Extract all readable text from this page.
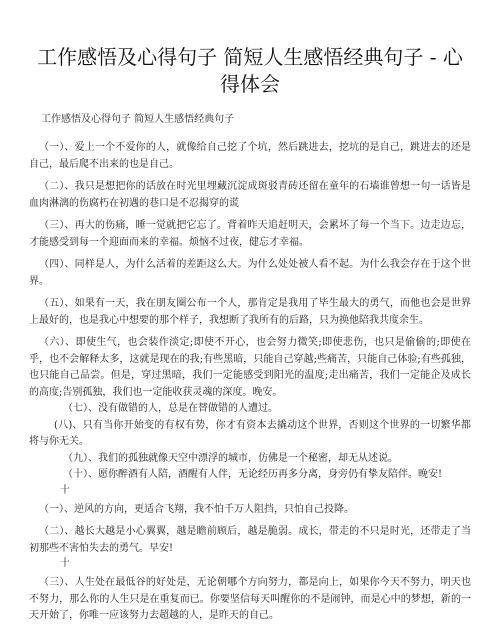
工作感悟及心得句子 简短人生感悟经典句子 - 心得体会
工作感悟及心得句子 简短人生感悟经典句子

（一）、爱上一个不爱你的人，就像给自己挖了个坑，然后跳进去，挖坑的是自己，跳进去的还是自己，最后爬不出来的也是自己。

（二）、我只是想把你的话放在时光里埋藏沉淀成斑驳青砖还留在童年的石墙谁曾想一句一话皆是血肉淋漓的伤腐朽在初遇的巷口是不忍揭穿的谎

（三）、再大的伤痛，睡一觉就把它忘了。背着昨天追赶明天，会累坏了每一个当下。边走边忘，才能感受到每一个迎面而来的幸福。烦恼不过夜，健忘才幸福。

（四）、同样是人，为什么活着的差距这么大。为什么处处被人看不起。为什么我会存在于这个世界。

（五）、如果有一天，我在朋友圈公布一个人，那肯定是我用了毕生最大的勇气，而他也会是世界上最好的，也是我心中想要的那个样子，我想断了我所有的后路，只为换他陪我共度余生。

（六）、即使生气，也会装作淡定;即使不开心，也会努力微笑;即使悲伤，也只是偷偷的;即使在乎，也不会解释太多，这就是现在的我;有些黑暗，只能自己穿越;些痛苦，只能自己体验;有些孤独，也只能自己品尝。但是，穿过黑暗，我们一定能感受到阳光的温度;走出痛苦，我们一定能企及成长的高度;告别孤独，我们也一定能收获灵魂的深度。晚安。

（七）、没有做错的人，总是在替做错的人遭过。

(八)、只有当你开始变的有权有势，你才有资本去撬动这个世界，否则这个世界的一切繁华都将与你无关。

（九）、我们的孤独就像天空中漂浮的城市，仿佛是一个秘密，却无从述说。

（十）、愿你醉酒有人陪，酒醒有人伴，无论经历再多分离，身旁仍有挚友陪伴。晚安!

十

（一）、逆风的方向，更适合飞翔，我不怕千万人阻挡，只怕自己投降。

（二）、越长大越是小心翼翼，越是瞻前顾后，越是脆弱。成长，带走的不只是时光，还带走了当初那些不害怕失去的勇气。早安!

十

（三）、人生处在最低谷的好处是，无论朝哪个方向努力，都是向上，如果你今天不努力，明天也不努力，那么你的人生只是在重复而已。你要坚信每天叫醒你的不是闹钟，而是心中的梦想，新的一天开始了，你唯一应该努力去超越的人，是昨天的自己。
